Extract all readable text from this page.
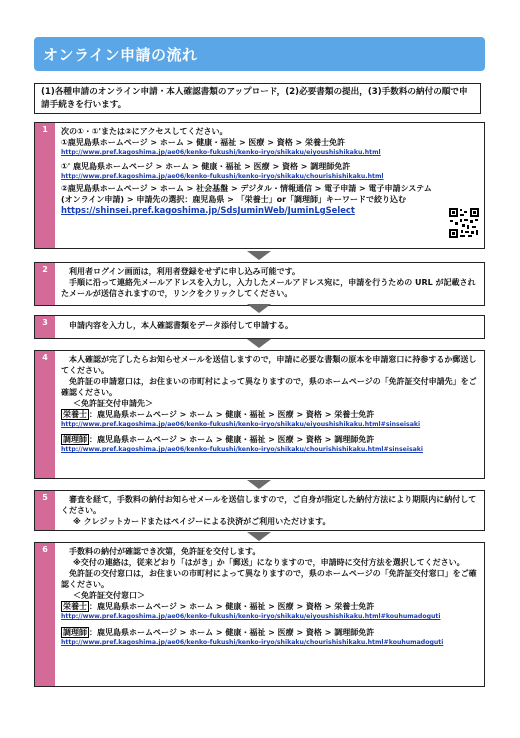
オンライン申請の流れ
(1)各種申請のオンライン申請・本人確認書類のアップロード，(2)必要書類の提出，(3)手数料の納付の順で申請手続きを行います。
1	次の①・①'または②にアクセスしてください。

①鹿児島県ホームページ > ホーム > 健康・福祉 > 医療 > 資格 > 栄養士免許

http://www.pref.kagoshima.jp/ae06/kenko-fukushi/kenko-iryo/shikaku/eiyoushishikaku.html

①' 鹿児島県ホームページ > ホーム > 健康・福祉 > 医療 > 資格 > 調理師免許

http://www.pref.kagoshima.jp/ae06/kenko-fukushi/kenko-iryo/shikaku/chourishishikaku.html

②鹿児島県ホームページ > ホーム > 社会基盤 > デジタル・情報通信 > 電子申請 > 電子申請システム(オンライン申請) > 申請先の選択：鹿児島県 > 「栄養士」or「調理師」キーワードで絞り込む

https://shinsei.pref.kagoshima.jp/SdsJuminWeb/JuminLgSelect
2	利用者ログイン画面は，利用者登録をせずに申し込み可能です。

手順に沿って連絡先メールアドレスを入力し，入力したメールアドレス宛に，申請を行うための URL が記載されたメールが送信されますので，リンクをクリックしてください。

3	申請内容を入力し，本人確認書類をデータ添付して申請する。

4	本人確認が完了したらお知らせメールを送信しますので，申請に必要な書類の原本を申請窓口に持参するか郵送してください。

免許証の申請窓口は，お住まいの市町村によって異なりますので，県のホームページの「免許証交付申請先」をご確認ください。

＜免許証交付申請先＞

栄養士 ：鹿児島県ホームページ > ホーム > 健康・福祉 > 医療 > 資格 > 栄養士免許

http://www.pref.kagoshima.jp/ae06/kenko-fukushi/kenko-iryo/shikaku/eiyoushishikaku.html#sinseisaki

調理師 ：鹿児島県ホームページ > ホーム > 健康・福祉 > 医療 > 資格 > 調理師免許

http://www.pref.kagoshima.jp/ae06/kenko-fukushi/kenko-iryo/shikaku/chourishishikaku.html#sinseisaki
5	審査を経て，手数料の納付お知らせメールを送信しますので，ご自身が指定した納付方法により期限内に納付してください。

※ クレジットカードまたはペイジーによる決済がご利用いただけます。

6	手数料の納付が確認でき次第，免許証を交付します。

※交付の連絡は，従来どおり「はがき」か「郵送」になりますので，申請時に交付方法を選択してください。

免許証の交付窓口は，お住まいの市町村によって異なりますので，県のホームページの「免許証交付窓口」をご確認ください。

＜免許証交付窓口＞

栄養士 ：鹿児島県ホームページ > ホーム > 健康・福祉 > 医療 > 資格 > 栄養士免許

http://www.pref.kagoshima.jp/ae06/kenko-fukushi/kenko-iryo/shikaku/eiyoushishikaku.html#kouhumadoguti

調理師 ：鹿児島県ホームページ > ホーム > 健康・福祉 > 医療 > 資格 > 調理師免許

http://www.pref.kagoshima.jp/ae06/kenko-fukushi/kenko-iryo/shikaku/chourishishikaku.html#kouhumadoguti
